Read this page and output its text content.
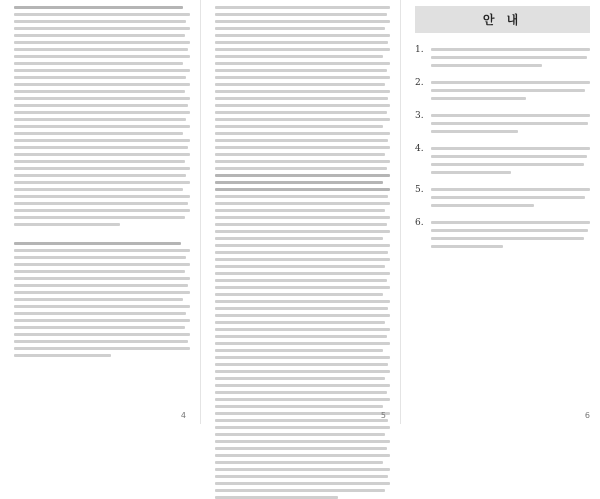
4	5
안 내
1.
2.
3.
4.
5.
6.
6
